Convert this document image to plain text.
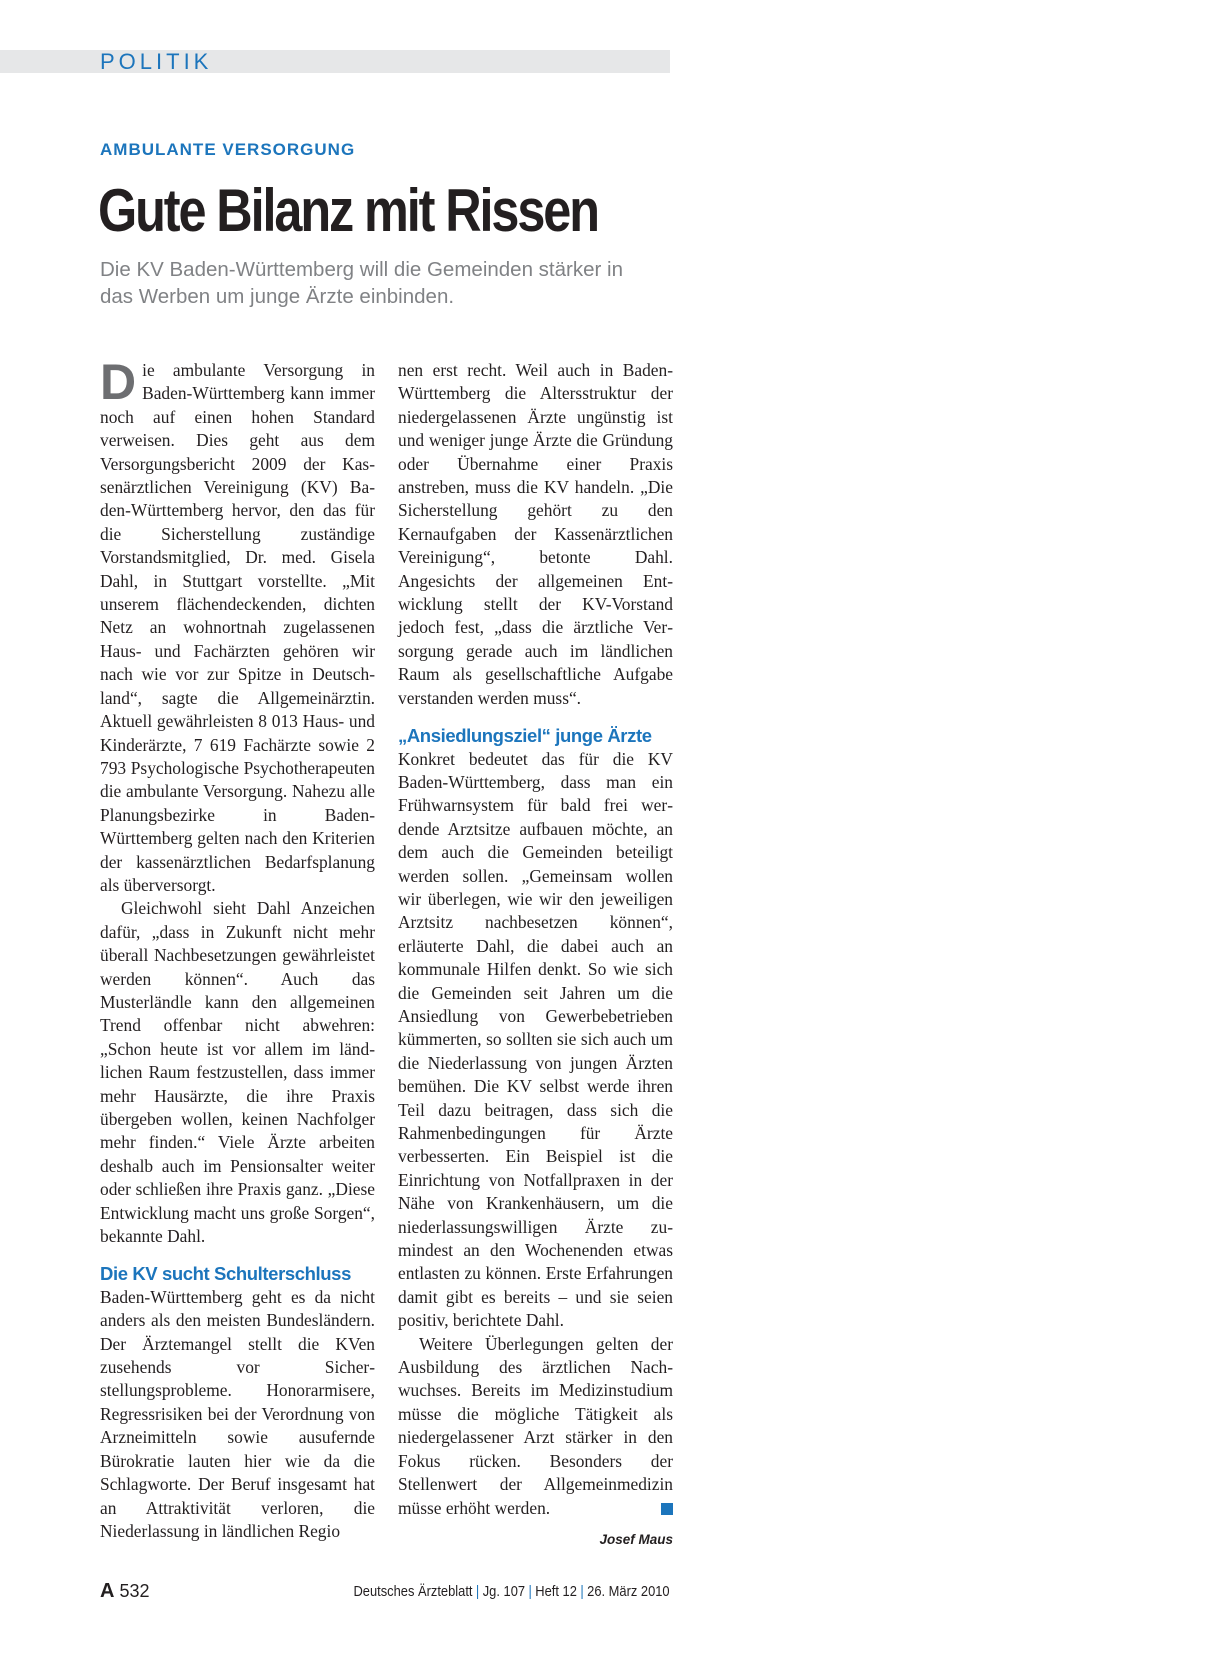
POLITIK
AMBULANTE VERSORGUNG
Gute Bilanz mit Rissen
Die KV Baden-Württemberg will die Gemeinden stärker in das Werben um junge Ärzte einbinden.

Die ambulante Versorgung in Baden-Württemberg kann immer noch auf einen hohen Standard verweisen. Dies geht aus dem Versorgungsbericht 2009 der Kassenärztlichen Vereinigung (KV) Baden-Württemberg hervor, den das für die Sicherstellung zuständige Vorstandsmitglied, Dr. med. Gisela Dahl, in Stuttgart vorstellte. „Mit unserem flächendeckenden, dichten Netz an wohnortnah zugelassenen Haus- und Fachärzten gehören wir nach wie vor zur Spitze in Deutschland“, sagte die Allgemeinärztin. Aktuell gewährleisten 8 013 Haus- und Kinderärzte, 7 619 Fachärzte sowie 2 793 Psychologische Psychotherapeuten die ambulante Versorgung. Nahezu alle Planungsbezirke in Baden-Württemberg gelten nach den Kriterien der kassenärztlichen Bedarfsplanung als überversorgt.

Gleichwohl sieht Dahl Anzeichen dafür, „dass in Zukunft nicht mehr überall Nachbesetzungen gewährleistet werden können“. Auch das Musterländle kann den allgemeinen Trend offenbar nicht abwehren: „Schon heute ist vor allem im ländlichen Raum festzustellen, dass immer mehr Hausärzte, die ihre Praxis übergeben wollen, keinen Nachfolger mehr finden.“ Viele Ärzte arbeiten deshalb auch im Pensionsalter weiter oder schließen ihre Praxis ganz. „Diese Entwicklung macht uns große Sorgen“, bekannte Dahl.

Die KV sucht Schulterschluss

Baden-Württemberg geht es da nicht anders als den meisten Bundesländern. Der Ärztemangel stellt die KVen zusehends vor Sicherstellungsprobleme. Honorarmisere, Regressrisiken bei der Verordnung von Arzneimitteln sowie ausufernde Bürokratie lauten hier wie da die Schlagworte. Der Beruf insgesamt hat an Attraktivität verloren, die Niederlassung in ländlichen Regio

nen erst recht. Weil auch in Baden-Württemberg die Altersstruktur der niedergelassenen Ärzte ungünstig ist und weniger junge Ärzte die Gründung oder Übernahme einer Praxis anstreben, muss die KV handeln. „Die Sicherstellung gehört zu den Kernaufgaben der Kassenärztlichen Vereinigung“, betonte Dahl. Angesichts der allgemeinen Entwicklung stellt der KV-Vorstand jedoch fest, „dass die ärztliche Versorgung gerade auch im ländlichen Raum als gesellschaftliche Aufgabe verstanden werden muss“.

„Ansiedlungsziel“ junge Ärzte

Konkret bedeutet das für die KV Baden-Württemberg, dass man ein Frühwarnsystem für bald frei werdende Arztsitze aufbauen möchte, an dem auch die Gemeinden beteiligt werden sollen. „Gemeinsam wollen wir überlegen, wie wir den jeweiligen Arztsitz nachbesetzen können“, erläuterte Dahl, die dabei auch an kommunale Hilfen denkt. So wie sich die Gemeinden seit Jahren um die Ansiedlung von Gewerbebetrieben kümmerten, so sollten sie sich auch um die Niederlassung von jungen Ärzten bemühen. Die KV selbst werde ihren Teil dazu beitragen, dass sich die Rahmenbedingungen für Ärzte verbesserten. Ein Beispiel ist die Einrichtung von Notfallpraxen in der Nähe von Krankenhäusern, um die niederlassungswilligen Ärzte zumindest an den Wochenenden etwas entlasten zu können. Erste Erfahrungen damit gibt es bereits – und sie seien positiv, berichtete Dahl.

Weitere Überlegungen gelten der Ausbildung des ärztlichen Nachwuchses. Bereits im Medizinstudium müsse die mögliche Tätigkeit als niedergelassener Arzt stärker in den Fokus rücken. Besonders der Stellenwert der Allgemeinmedizin müsse erhöht werden.

Josef Maus
A 532	Deutsches Ärzteblatt | Jg. 107 | Heft 12 | 26. März 2010
